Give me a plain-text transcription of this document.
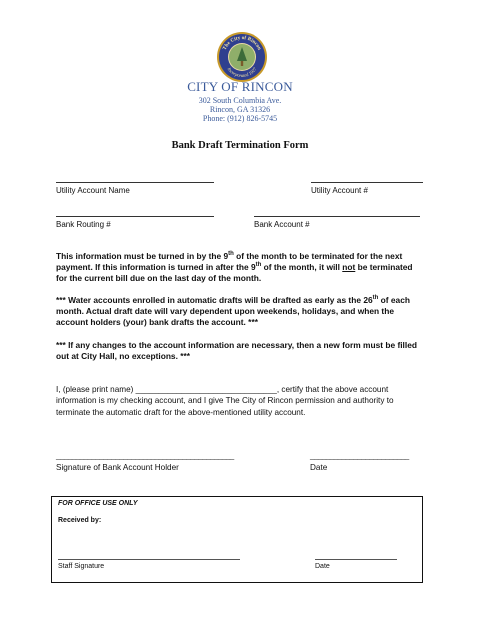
The City of Rincon
Incorporated 1927
CITY OF RINCON
302 South Columbia Ave.
Rincon, GA 31326
Phone: (912) 826-5745
Bank Draft Termination Form
Utility Account Name	Utility Account #
Bank Routing #	Bank Account #
This information must be turned in by the 9th of the month to be terminated for the next payment. If this information is turned in after the 9th of the month, it will not be terminated for the current bill due on the last day of the month.
*** Water accounts enrolled in automatic drafts will be drafted as early as the 26th of each month. Actual draft date will vary dependent upon weekends, holidays, and when the account holders (your) bank drafts the account. ***
*** If any changes to the account information are necessary, then a new form must be filled out at City Hall, no exceptions. ***
I, (please print name) _______________________________, certify that the above account information is my checking account, and I give The City of Rincon permission and authority to terminate the automatic draft for the above-mentioned utility account.
_____________________________________________
Signature of Bank Account Holder
_________________________
Date
FOR OFFICE USE ONLY
Received by:
Staff Signature	Date
